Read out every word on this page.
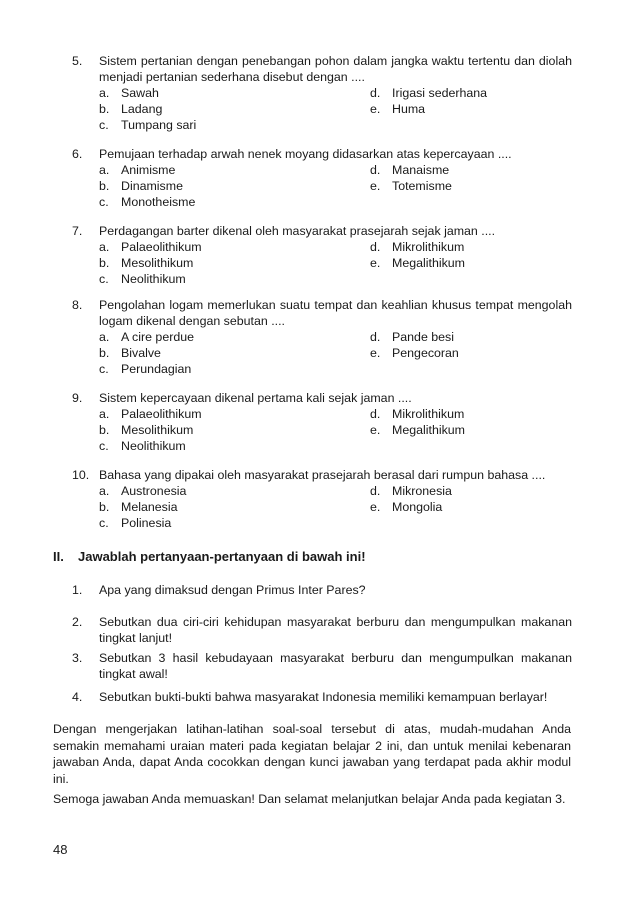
5.	Sistem pertanian dengan penebangan pohon dalam jangka waktu tertentu dan diolah menjadi pertanian sederhana disebut dengan ....
a. Sawah
b. Ladang
c. Tumpang sari
d. Irigasi sederhana
e. Huma
6.	Pemujaan terhadap arwah nenek moyang didasarkan atas kepercayaan ....
a. Animisme
b. Dinamisme
c. Monotheisme
d. Manaisme
e. Totemisme
7.	Perdagangan barter dikenal oleh masyarakat prasejarah sejak jaman ....
a. Palaeolithikum
b. Mesolithikum
c. Neolithikum
d. Mikrolithikum
e. Megalithikum
8.	Pengolahan logam memerlukan suatu tempat dan keahlian khusus tempat mengolah logam dikenal dengan sebutan ....
a. A cire perdue
b. Bivalve
c. Perundagian
d. Pande besi
e. Pengecoran
9.	Sistem kepercayaan dikenal pertama kali sejak jaman ....
a. Palaeolithikum
b. Mesolithikum
c. Neolithikum
d. Mikrolithikum
e. Megalithikum
10. Bahasa yang dipakai oleh masyarakat prasejarah berasal dari rumpun bahasa ....
a. Austronesia
b. Melanesia
c. Polinesia
d. Mikronesia
e. Mongolia
II. Jawablah pertanyaan-pertanyaan di bawah ini!
1. Apa yang dimaksud dengan Primus Inter Pares?
2. Sebutkan dua ciri-ciri kehidupan masyarakat berburu dan mengumpulkan makanan tingkat lanjut!
3. Sebutkan 3 hasil kebudayaan masyarakat berburu dan mengumpulkan makanan tingkat awal!
4. Sebutkan bukti-bukti bahwa masyarakat Indonesia memiliki kemampuan berlayar!
Dengan mengerjakan latihan-latihan soal-soal tersebut di atas, mudah-mudahan Anda semakin memahami uraian materi pada kegiatan belajar 2 ini, dan untuk menilai kebenaran jawaban Anda, dapat Anda cocokkan dengan kunci jawaban yang terdapat pada akhir modul ini.
Semoga jawaban Anda memuaskan! Dan selamat melanjutkan belajar Anda pada kegiatan 3.
48
